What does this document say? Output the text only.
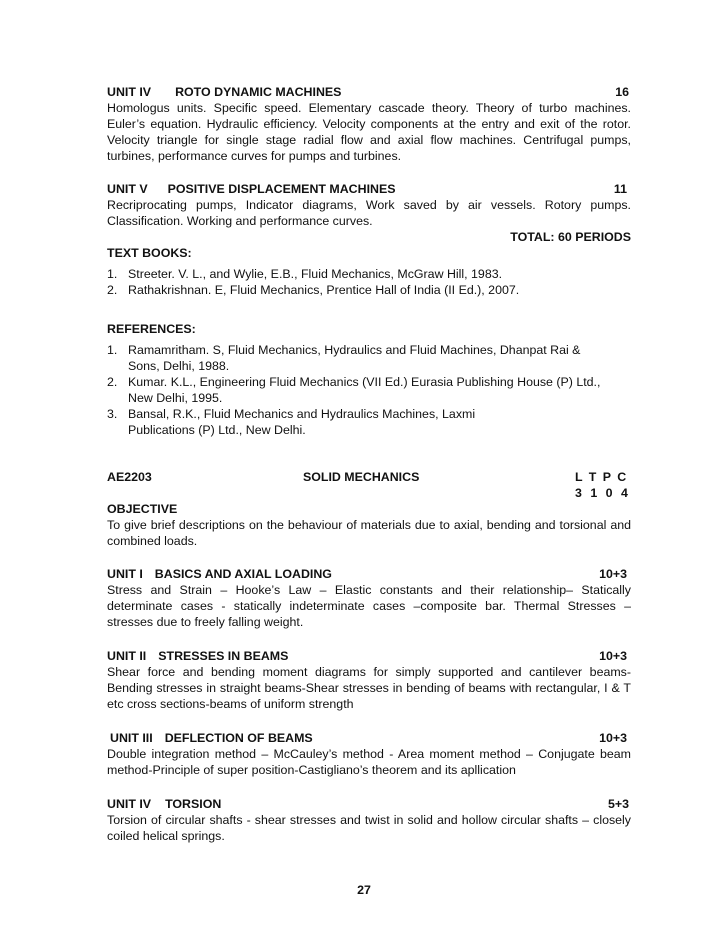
UNIT IV ROTO DYNAMIC MACHINES	16

Homologus units. Specific speed. Elementary cascade theory. Theory of turbo machines. Euler’s equation. Hydraulic efficiency. Velocity components at the entry and exit of the rotor. Velocity triangle for single stage radial flow and axial flow machines. Centrifugal pumps, turbines, performance curves for pumps and turbines.

UNIT V POSITIVE DISPLACEMENT MACHINES	11

Recriprocating pumps, Indicator diagrams, Work saved by air vessels. Rotory pumps. Classification. Working and performance curves.

TOTAL: 60 PERIODS
TEXT BOOKS:
1. Streeter. V. L., and Wylie, E.B., Fluid Mechanics, McGraw Hill, 1983.
2. Rathakrishnan. E, Fluid Mechanics, Prentice Hall of India (II Ed.), 2007.
REFERENCES:
1. Ramamritham. S, Fluid Mechanics, Hydraulics and Fluid Machines, Dhanpat Rai &
Sons, Delhi, 1988.
2. Kumar. K.L., Engineering Fluid Mechanics (VII Ed.) Eurasia Publishing House (P) Ltd.,
New Delhi, 1995.
3. Bansal, R.K., Fluid Mechanics and Hydraulics Machines, Laxmi
Publications (P) Ltd., New Delhi.
AE2203	SOLID MECHANICS	L T P C
3 1 0 4
OBJECTIVE

To give brief descriptions on the behaviour of materials due to axial, bending and torsional and combined loads.

UNIT I BASICS AND AXIAL LOADING	10+3

Stress and Strain – Hooke’s Law – Elastic constants and their relationship– Statically determinate cases - statically indeterminate cases –composite bar. Thermal Stresses – stresses due to freely falling weight.

UNIT II STRESSES IN BEAMS	10+3

Shear force and bending moment diagrams for simply supported and cantilever beams-Bending stresses in straight beams-Shear stresses in bending of beams with rectangular, I & T etc cross sections-beams of uniform strength

UNIT III DEFLECTION OF BEAMS	10+3

Double integration method – McCauley’s method - Area moment method – Conjugate beam method-Principle of super position-Castigliano’s theorem and its apllication

UNIT IV TORSION	5+3

Torsion of circular shafts - shear stresses and twist in solid and hollow circular shafts – closely coiled helical springs.

27
